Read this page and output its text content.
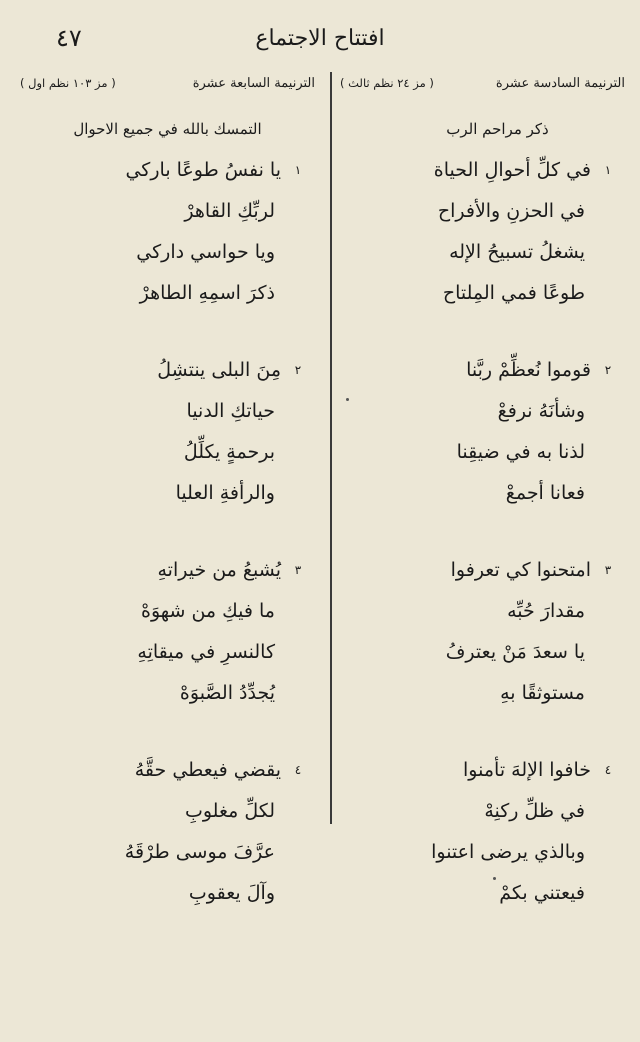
٤٧	افتتاح الاجتماع
الترنيمة السادسة عشرة
( مز ٢٤ نظم ثالث )
ذكر مراحم الرب
١في كلِّ أحوالِ الحياة
في الحزنِ والأفراح
يشغلُ تسبيحُ الإله
طوعًا فمي المِلتاح
٢قوموا نُعظِّمْ ربَّنا
وشأنَهُ نرفعْ
لذنا به في ضيقِنا
فعانا أجمعْ
٣امتحنوا كي تعرفوا
مقدارَ حُبِّه
يا سعدَ مَنْ يعترفُ
مستوثقًا بهِ
٤خافوا الإلهَ تأمنوا
في ظلِّ ركنِهْ
وبالذي يرضى اعتنوا
فيعتني بكمْ
الترنيمة السابعة عشرة
( مز ١٠٣ نظم اول )
التمسك بالله في جميع الاحوال
١يا نفسُ طوعًا باركي
لربِّكِ القاهرْ
ويا حواسي داركي
ذكرَ اسمِهِ الطاهرْ
٢مِنَ البلى ينتشِلُ
حياتكِ الدنيا
برحمةٍ يكلِّلُ
والرأفةِ العليا
٣يُشبعُ من خيراتهِ
ما فيكِ من شهوَهْ
كالنسرِ في ميقاتِهِ
يُجدِّدُ الصَّبوَهْ
٤يقضي فيعطي حقَّهُ
لكلِّ مغلوبِ
عرَّفَ موسى طرْقَهُ
وآلَ يعقوبِ
